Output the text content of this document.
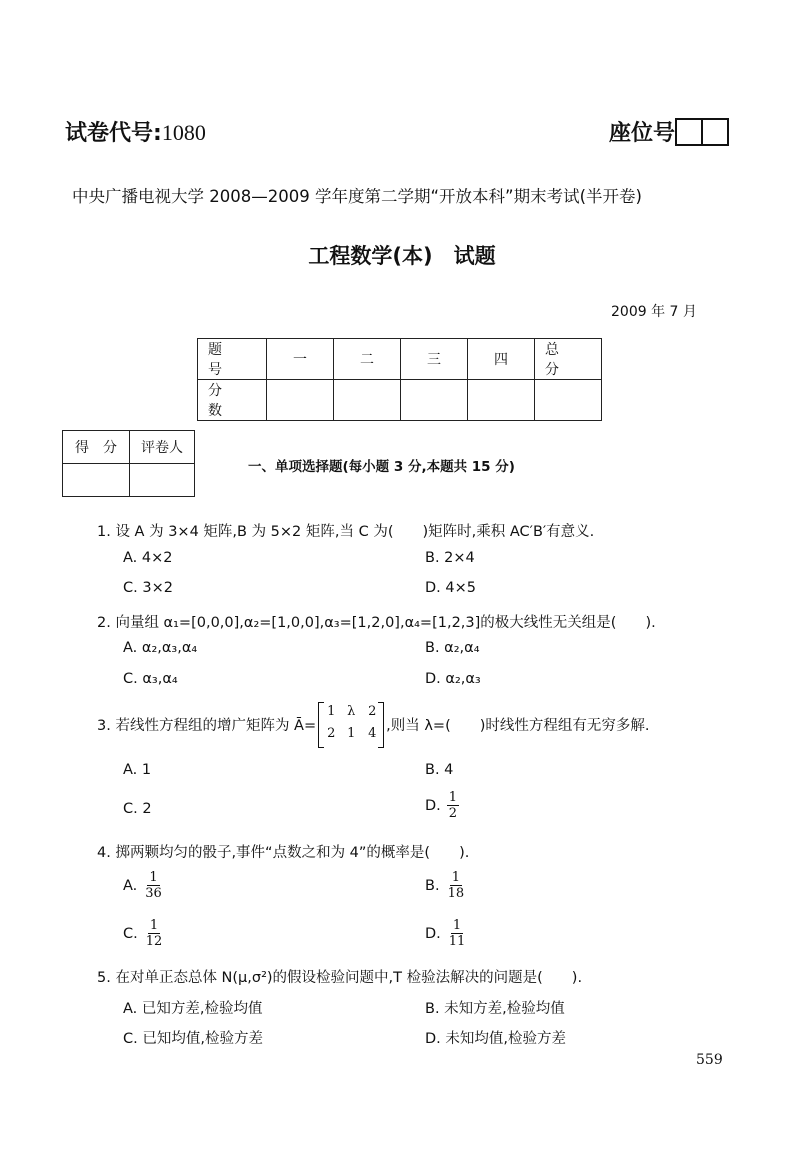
试卷代号:1080	座位号
中央广播电视大学 2008—2009 学年度第二学期“开放本科”期末考试(半开卷)
工程数学(本)　试题
2009 年 7 月
题　号	一	二	三	四	总　分
分　数					
得　分	评卷人

一、单项选择题(每小题 3 分,本题共 15 分)
1. 设 A 为 3×4 矩阵,B 为 5×2 矩阵,当 C 为(　　)矩阵时,乘积 AC′B′有意义.
A. 4×2	B. 2×4
C. 3×2	D. 4×5
2. 向量组 α₁=[0,0,0],α₂=[1,0,0],α₃=[1,2,0],α₄=[1,2,3]的极大线性无关组是(　　).
A. α₂,α₃,α₄	B. α₂,α₄
C. α₃,α₄	D. α₂,α₃
3. 若线性方程组的增广矩阵为 Ā=
1 λ 2
2 1 4 ,则当 λ=(　　)时线性方程组有无穷多解.
A. 1	B. 4
C. 2	D. $\frac{1}{2}$
4. 掷两颗均匀的骰子,事件“点数之和为 4”的概率是(　　).
A. $\frac{1}{36}$	B. $\frac{1}{18}$
C. $\frac{1}{12}$	D. $\frac{1}{11}$
5. 在对单正态总体 N(μ,σ²)的假设检验问题中,T 检验法解决的问题是(　　).
A. 已知方差,检验均值	B. 未知方差,检验均值
C. 已知均值,检验方差	D. 未知均值,检验方差
559
